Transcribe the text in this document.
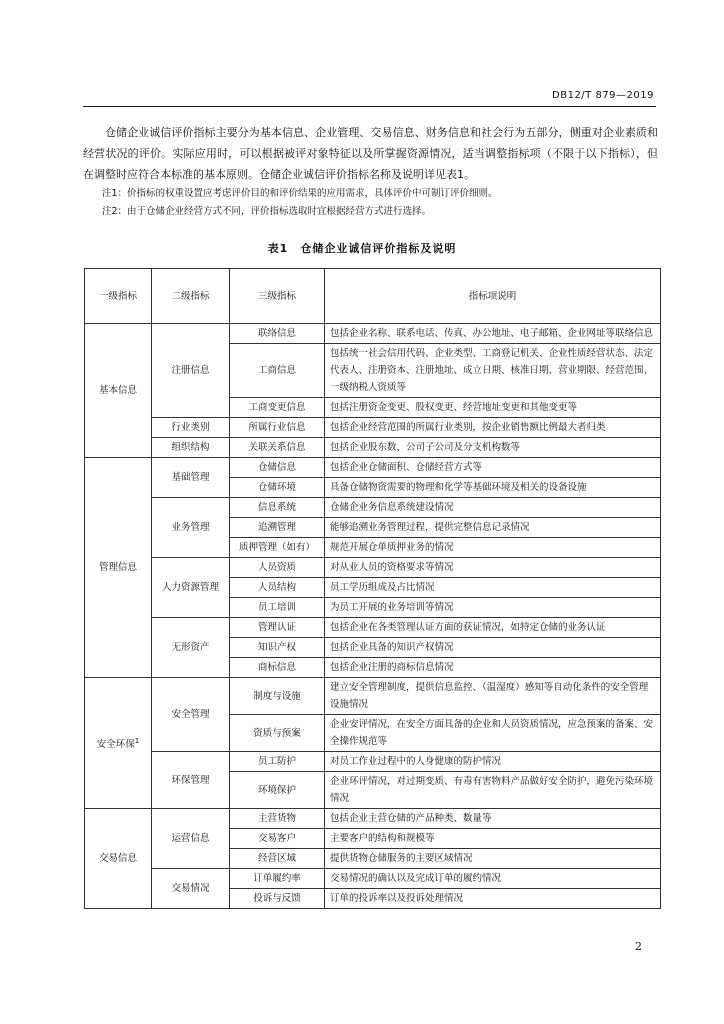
DB12/T 879—2019

仓储企业诚信评价指标主要分为基本信息、企业管理、交易信息、财务信息和社会行为五部分，侧重对企业素质和经营状况的评价。实际应用时，可以根据被评对象特征以及所掌握资源情况，适当调整指标项（不限于以下指标），但在调整时应符合本标准的基本原则。仓储企业诚信评价指标名称及说明详见表1。

注1：价指标的权重设置应考虑评价目的和评价结果的应用需求，具体评价中可制订评价细则。

注2：由于仓储企业经营方式不同，评价指标选取时宜根据经营方式进行选择。

表1　仓储企业诚信评价指标及说明
一级指标	二级指标	三级指标	指标项说明
基本信息	注册信息	联络信息	包括企业名称、联系电话、传真、办公地址、电子邮箱、企业网址等联络信息
		工商信息	包括统一社会信用代码、企业类型、工商登记机关、企业性质经营状态、法定代表人、注册资本、注册地址、成立日期、核准日期、营业期限、经营范围、一级纳税人资质等
		工商变更信息	包括注册资金变更、股权变更、经营地址变更和其他变更等
	行业类别	所属行业信息	包括企业经营范围的所属行业类别，按企业销售额比例最大者归类
	组织结构	关联关系信息	包括企业股东数，公司子公司及分支机构数等
管理信息	基础管理	仓储信息	包括企业仓储面积、仓储经营方式等
		仓储环境	具备仓储物资需要的物理和化学等基础环境及相关的设备设施
	业务管理	信息系统	仓储企业务信息系统建设情况
		追溯管理	能够追溯业务管理过程，提供完整信息记录情况
		质押管理（如有）	规范开展仓单质押业务的情况
	人力资源管理	人员资质	对从业人员的资格要求等情况
		人员结构	员工学历组成及占比情况
		员工培训	为员工开展的业务培训等情况
	无形资产	管理认证	包括企业在各类管理认证方面的获证情况，如特定仓储的业务认证
		知识产权	包括企业具备的知识产权情况
		商标信息	包括企业注册的商标信息情况
安全环保$^1$	安全管理	制度与设施	建立安全管理制度，提供信息监控、（温湿度）感知等自动化条件的安全管理设施情况
		资质与预案	企业安评情况，在安全方面具备的企业和人员资质情况，应急预案的备案、安全操作规范等
	环保管理	员工防护	对员工作业过程中的人身健康的防护情况
		环境保护	企业环评情况，对过期变质、有毒有害物料产品做好安全防护，避免污染环境情况
交易信息	运营信息	主营货物	包括企业主营仓储的产品种类、数量等
		交易客户	主要客户的结构和规模等
		经营区域	提供货物仓储服务的主要区域情况
	交易情况	订单履约率	交易情况的确认以及完成订单的履约情况
		投诉与反馈	订单的投诉率以及投诉处理情况
2
